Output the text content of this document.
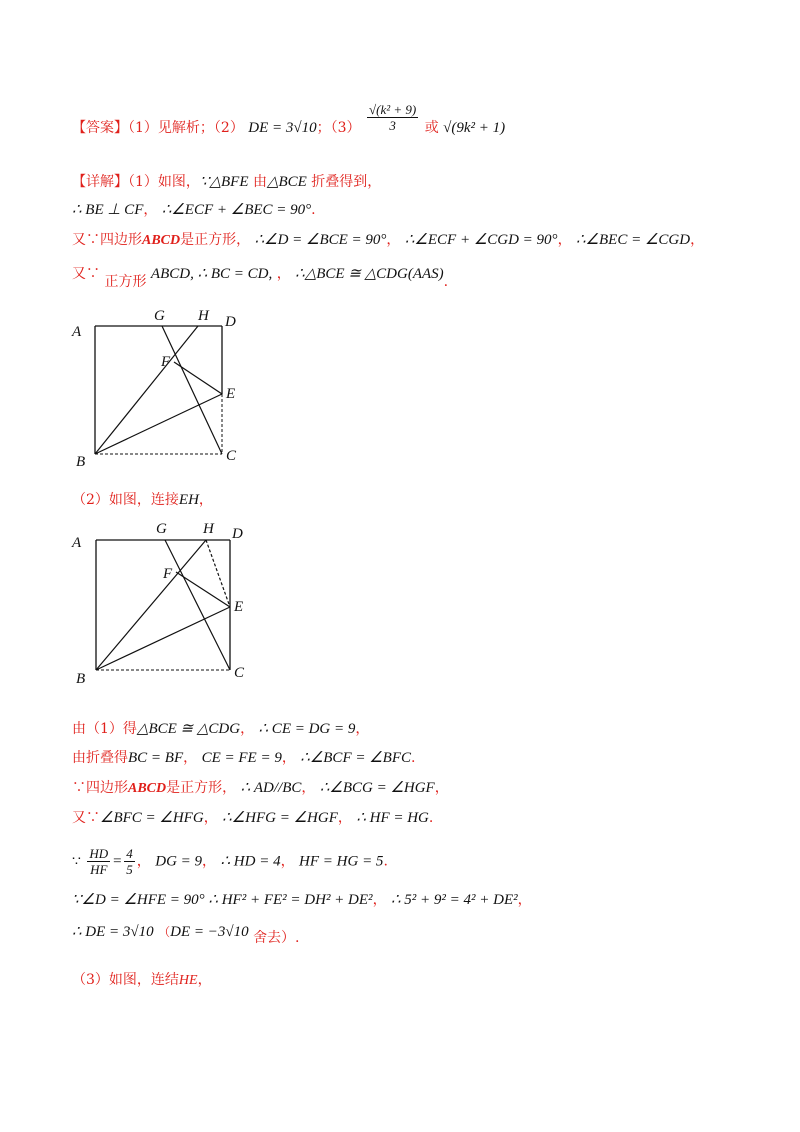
【答案】（1）见解析；（2） DE = 3√10；$(3) \frac{\text{√(k² + 9)}}{3}$ 或 √(9k² + 1)
【详解】（1）如图，∵△BFE 由△BCE 折叠得到，
∴ BE ⊥ CF， ∴∠ECF + ∠BEC = 90°.
又∵四边形ABCD是正方形， ∴∠D = ∠BCE = 90°， ∴∠ECF + ∠CGD = 90°， ∴∠BEC = ∠CGD，
又∵ 正方形 ABCD, ∴ BC = CD, ， ∴△BCE ≅ △CDG(AAS).
A
B	C
D
E
F
G H
（2）如图，连接EH，
A
B	C
D
E
F
G H
由（1）得△BCE ≅ △CDG， ∴ CE = DG = 9，
由折叠得BC = BF， CE = FE = 9， ∴∠BCF = ∠BFC.
∵四边形ABCD是正方形， ∴ AD//BC， ∴∠BCG = ∠HGF，
又∵∠BFC = ∠HFG， ∴∠HFG = ∠HGF， ∴ HF = HG.
∵ $\frac{HD}{HF} = \frac{4}{5}$ ， DG = 9， ∴ HD = 4， HF = HG = 5.
∵∠D = ∠HFE = 90° ∴ HF² + FE² = DH² + DE²， ∴ 5² + 9² = 4² + DE²，
∴ DE = 3√10 （DE = −3√10 舍去）.
（3）如图，连结HE，
